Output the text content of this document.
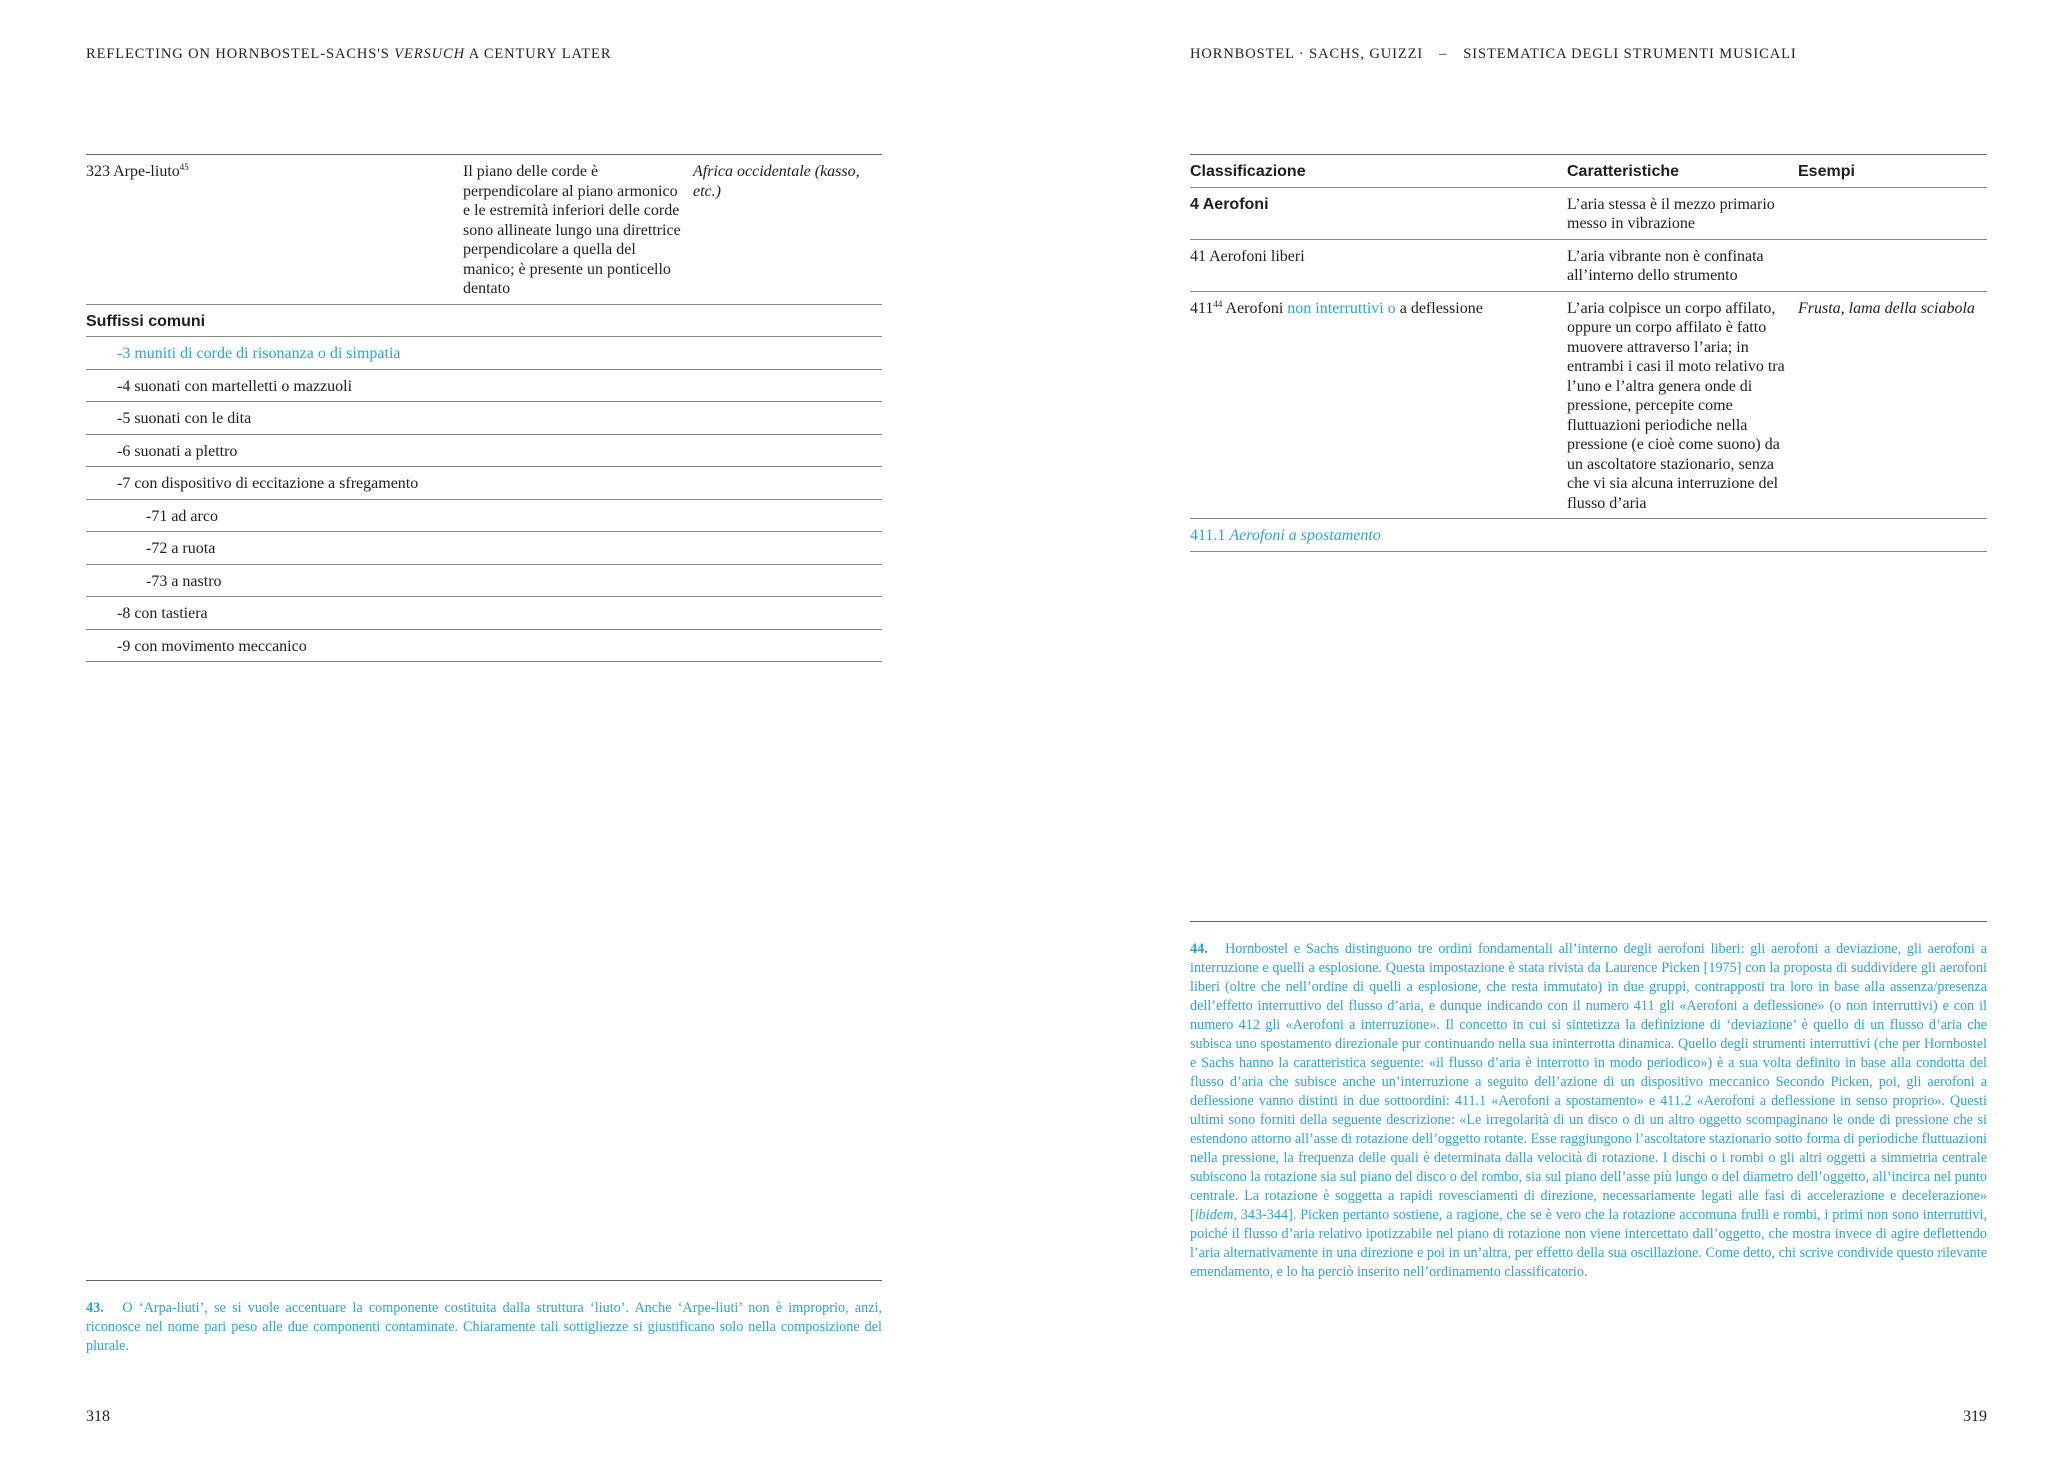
REFLECTING ON HORNBOSTEL-SACHS'S VERSUCH A CENTURY LATER
323 Arpe-liuto$^{45}$	Il piano delle corde è perpendicolare al piano armonico e le estremità inferiori delle corde sono allineate lungo una direttrice perpendicolare a quella del manico; è presente un ponticello dentato	Africa occidentale (kasso, etc.)
Suffissi comuni
-3 muniti di corde di risonanza o di simpatia
-4 suonati con martelletti o mazzuoli
-5 suonati con le dita
-6 suonati a plettro
-7 con dispositivo di eccitazione a sfregamento
-71 ad arco
-72 a ruota
-73 a nastro
-8 con tastiera
-9 con movimento meccanico
43. O ‘Arpa-liuti’, se si vuole accentuare la componente costituita dalla struttura ‘liuto’. Anche ‘Arpe-liuti’ non è improprio, anzi, riconosce nel nome pari peso alle due componenti contaminate. Chiaramente tali sottigliezze si giustificano solo nella composizione del plurale.
318
HORNBOSTEL · SACHS, GUIZZI – SISTEMATICA DEGLI STRUMENTI MUSICALI
Classificazione	Caratteristiche	Esempi
4 Aerofoni	L’aria stessa è il mezzo primario messo in vibrazione	
41 Aerofoni liberi	L’aria vibrante non è confinata all’interno dello strumento	
$411^{44}$ Aerofoni non interruttivi o a deflessione	L’aria colpisce un corpo affilato, oppure un corpo affilato è fatto muovere attraverso l’aria; in entrambi i casi il moto relativo tra l’uno e l’altra genera onde di pressione, percepite come fluttuazioni periodiche nella pressione (e cioè come suono) da un ascoltatore stazionario, senza che vi sia alcuna interruzione del flusso d’aria	Frusta, lama della sciabola
411.1 Aerofoni a spostamento		
44. Hornbostel e Sachs distinguono tre ordini fondamentali all’interno degli aerofoni liberi: gli aerofoni a deviazione, gli aerofoni a interruzione e quelli a esplosione. Questa impostazione è stata rivista da Laurence Picken [1975] con la proposta di suddividere gli aerofoni liberi (oltre che nell’ordine di quelli a esplosione, che resta immutato) in due gruppi, contrapposti tra loro in base alla assenza/presenza dell’effetto interruttivo del flusso d’aria, e dunque indicando con il numero 411 gli «Aerofoni a deflessione» (o non interruttivi) e con il numero 412 gli «Aerofoni a interruzione». Il concetto in cui si sintetizza la definizione di ‘deviazione’ è quello di un flusso d’aria che subisca uno spostamento direzionale pur continuando nella sua ininterrotta dinamica. Quello degli strumenti interruttivi (che per Hornbostel e Sachs hanno la caratteristica seguente: «il flusso d’aria è interrotto in modo periodico») è a sua volta definito in base alla condotta del flusso d’aria che subisce anche un’interruzione a seguito dell’azione di un dispositivo meccanico Secondo Picken, poi, gli aerofoni a deflessione vanno distinti in due sottoordini: 411.1 «Aerofoni a spostamento» e 411.2 «Aerofoni a deflessione in senso proprio». Questi ultimi sono forniti della seguente descrizione: «Le irregolarità di un disco o di un altro oggetto scompaginano le onde di pressione che si estendono attorno all’asse di rotazione dell’oggetto rotante. Esse raggiungono l’ascoltatore stazionario sotto forma di periodiche fluttuazioni nella pressione, la frequenza delle quali è determinata dalla velocità di rotazione. I dischi o i rombi o gli altri oggetti a simmetria centrale subiscono la rotazione sia sul piano del disco o del rombo, sia sul piano dell’asse più lungo o del diametro dell’oggetto, all’incirca nel punto centrale. La rotazione è soggetta a rapidi rovesciamenti di direzione, necessariamente legati alle fasi di accelerazione e decelerazione» [ibidem, 343-344]. Picken pertanto sostiene, a ragione, che se è vero che la rotazione accomuna frulli e rombi, i primi non sono interruttivi, poiché il flusso d’aria relativo ipotizzabile nel piano di rotazione non viene intercettato dall’oggetto, che mostra invece di agire deflettendo l’aria alternativamente in una direzione e poi in un’altra, per effetto della sua oscillazione. Come detto, chi scrive condivide questo rilevante emendamento, e lo ha perciò inserito nell’ordinamento classificatorio.
319
